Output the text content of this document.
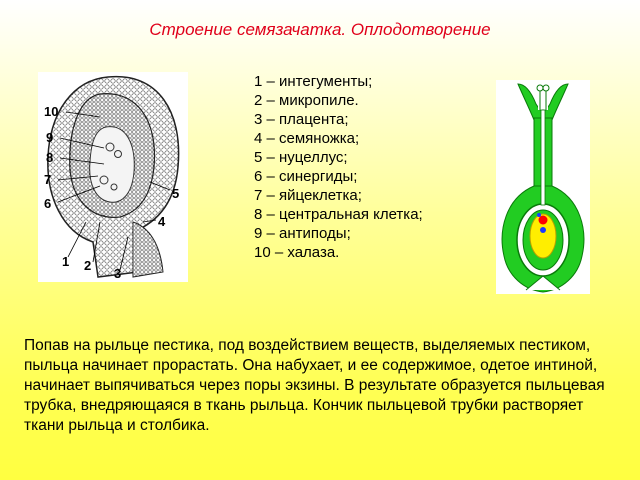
Строение семязачатка. Оплодотворение
10
9
8
7
6
1 2
3
4
5
1 – интегументы;
2 – микропиле.
3 – плацента;
4 – семяножка;
5 – нуцеллус;
6 – синергиды;
7 – яйцеклетка;
8 – центральная клетка;
9 – антиподы;
10 – халаза.

Попав на рыльце пестика, под воздействием веществ, выделяемых пестиком, пыльца начинает прорастать. Она набухает, и ее содержимое, одетое интиной, начинает выпячиваться через поры экзины. В результате образуется пыльцевая трубка, внедряющаяся в ткань рыльца. Кончик пыльцевой трубки растворяет ткани рыльца и столбика.
